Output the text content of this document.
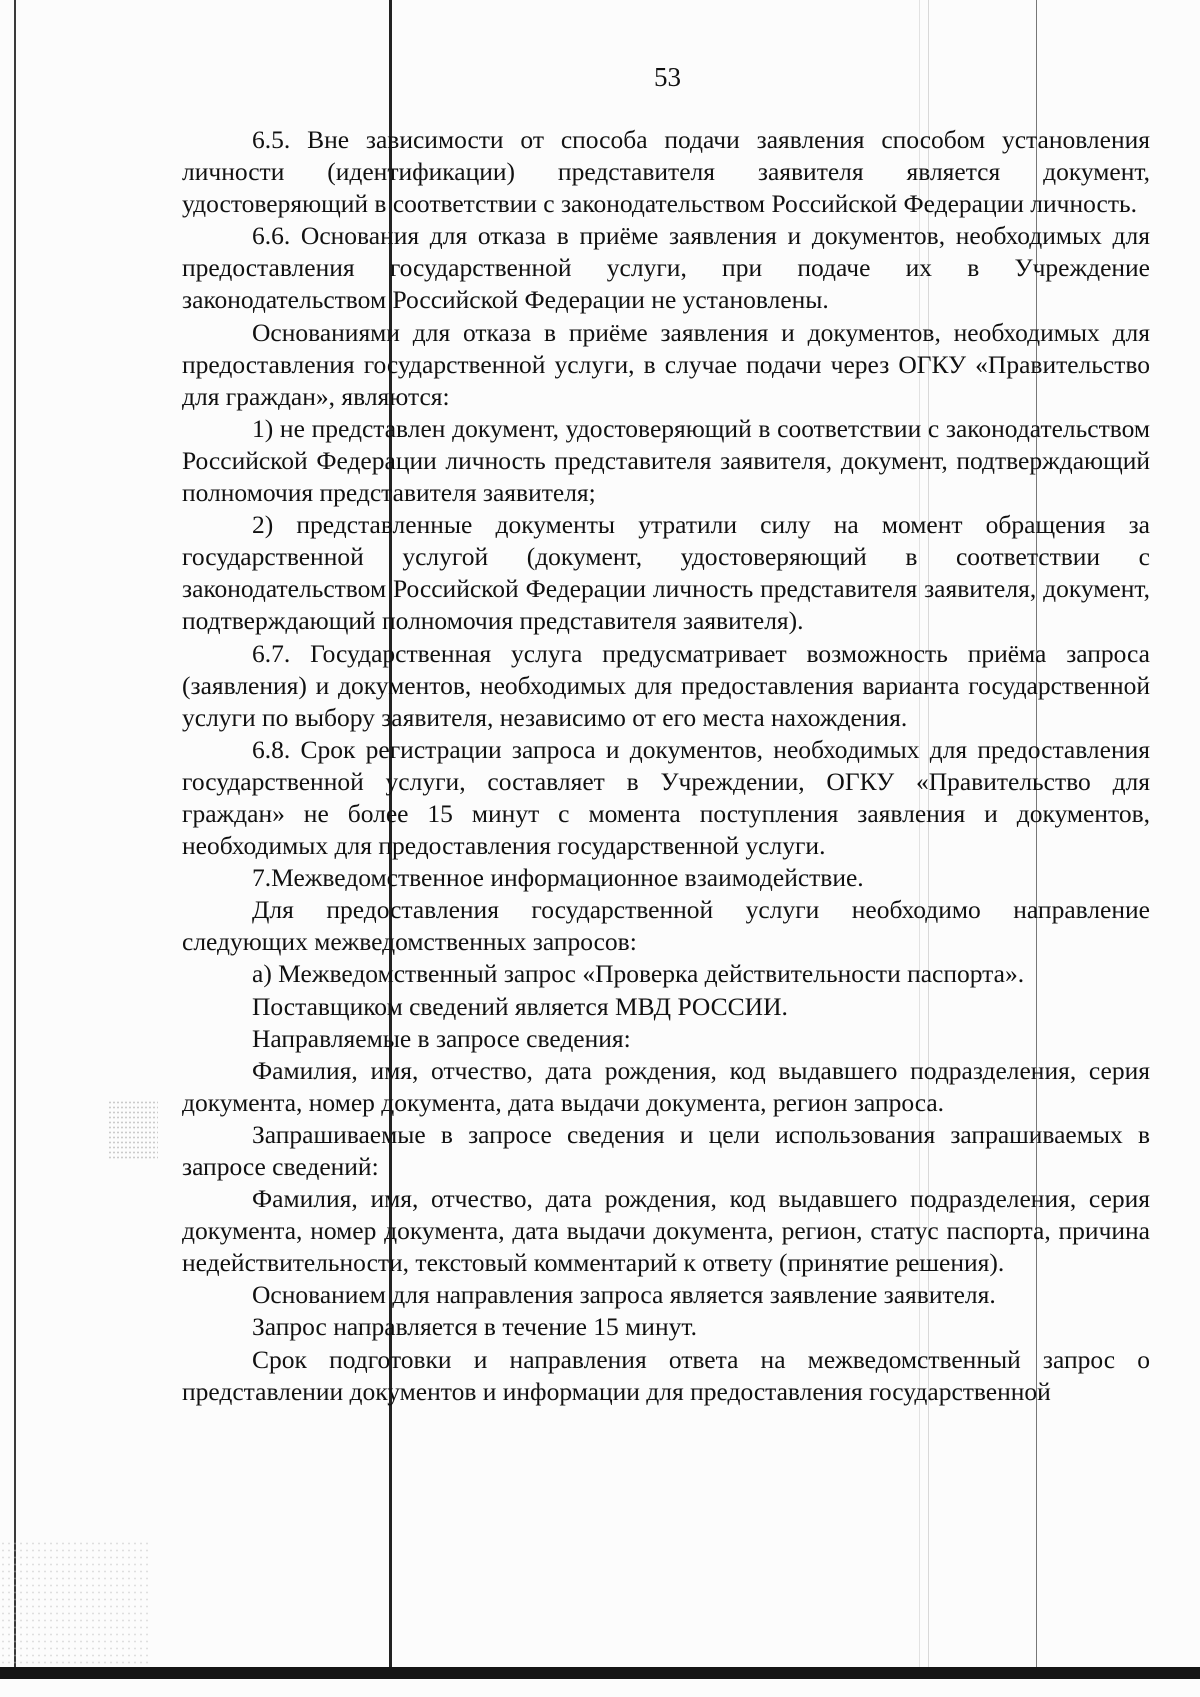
53

6.5. Вне зависимости от способа подачи заявления способом установления личности (идентификации) представителя заявителя является документ, удостоверяющий в соответствии с законодательством Российской Федерации личность.

6.6. Основания для отказа в приёме заявления и документов, необходимых для предоставления государственной услуги, при подаче их в Учреждение законодательством Российской Федерации не установлены.

Основаниями для отказа в приёме заявления и документов, необходимых для предоставления государственной услуги, в случае подачи через ОГКУ «Правительство для граждан», являются:

1) не представлен документ, удостоверяющий в соответствии с законодательством Российской Федерации личность представителя заявителя, документ, подтверждающий полномочия представителя заявителя;

2) представленные документы утратили силу на момент обращения за государственной услугой (документ, удостоверяющий в соответствии с законодательством Российской Федерации личность представителя заявителя, документ, подтверждающий полномочия представителя заявителя).

6.7. Государственная услуга предусматривает возможность приёма запроса (заявления) и документов, необходимых для предоставления варианта государственной услуги по выбору заявителя, независимо от его места нахождения.

6.8. Срок регистрации запроса и документов, необходимых для предоставления государственной услуги, составляет в Учреждении, ОГКУ «Правительство для граждан» не более 15 минут с момента поступления заявления и документов, необходимых для предоставления государственной услуги.

7.Межведомственное информационное взаимодействие.

Для предоставления государственной услуги необходимо направление следующих межведомственных запросов:

а) Межведомственный запрос «Проверка действительности паспорта».

Поставщиком сведений является МВД РОССИИ.

Направляемые в запросе сведения:

Фамилия, имя, отчество, дата рождения, код выдавшего подразделения, серия документа, номер документа, дата выдачи документа, регион запроса.

Запрашиваемые в запросе сведения и цели использования запрашиваемых в запросе сведений:

Фамилия, имя, отчество, дата рождения, код выдавшего подразделения, серия документа, номер документа, дата выдачи документа, регион, статус паспорта, причина недействительности, текстовый комментарий к ответу (принятие решения).

Основанием для направления запроса является заявление заявителя.

Запрос направляется в течение 15 минут.

Срок подготовки и направления ответа на межведомственный запрос о представлении документов и информации для предоставления государственной
